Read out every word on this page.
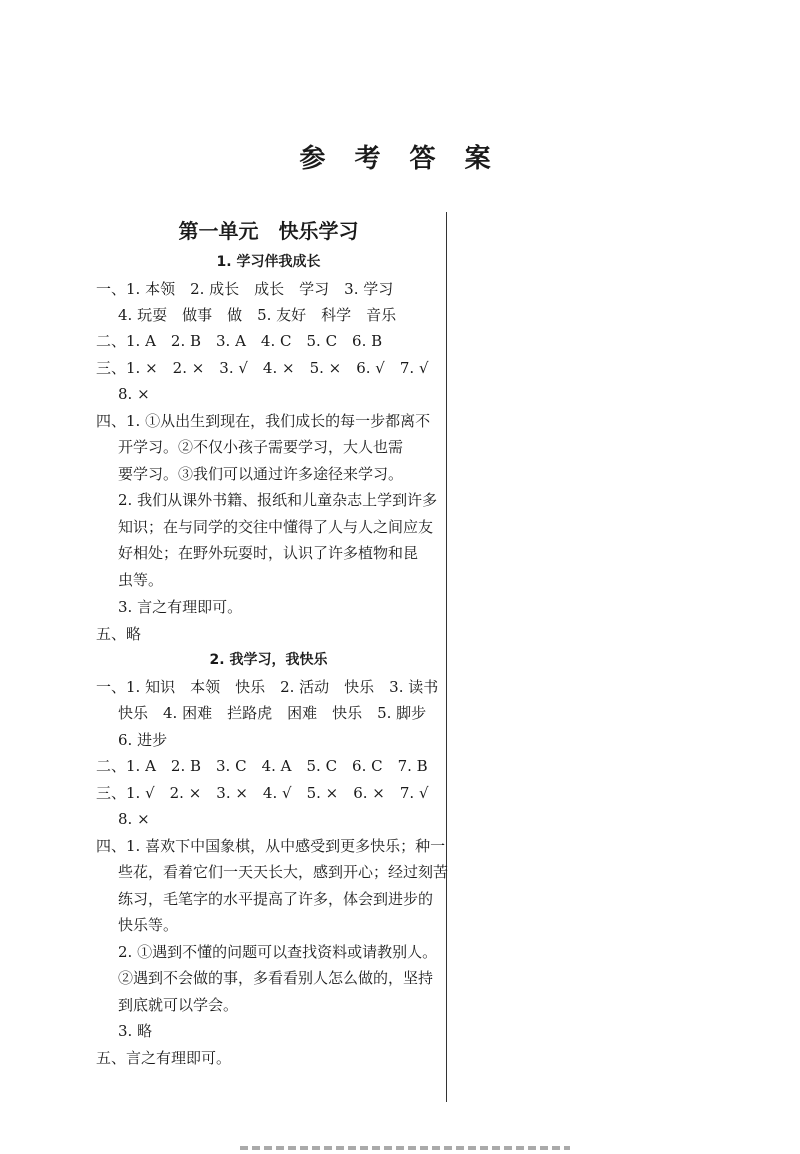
参 考 答 案
第一单元　快乐学习
1. 学习伴我成长
一、1. 本领　2. 成长　成长　学习　3. 学习
4. 玩耍　做事　做　5. 友好　科学　音乐
二、1. A　2. B　3. A　4. C　5. C　6. B
三、1. ×　2. ×　3. √　4. ×　5. ×　6. √　7. √
8. ×
四、1. ①从出生到现在，我们成长的每一步都离不
开学习。②不仅小孩子需要学习，大人也需
要学习。③我们可以通过许多途径来学习。
2. 我们从课外书籍、报纸和儿童杂志上学到许多
知识；在与同学的交往中懂得了人与人之间应友
好相处；在野外玩耍时，认识了许多植物和昆
虫等。
3. 言之有理即可。
五、略
2. 我学习，我快乐
一、1. 知识　本领　快乐　2. 活动　快乐　3. 读书
快乐　4. 困难　拦路虎　困难　快乐　5. 脚步
6. 进步
二、1. A　2. B　3. C　4. A　5. C　6. C　7. B
三、1. √　2. ×　3. ×　4. √　5. ×　6. ×　7. √
8. ×
四、1. 喜欢下中国象棋，从中感受到更多快乐；种一
些花，看着它们一天天长大，感到开心；经过刻苦
练习，毛笔字的水平提高了许多，体会到进步的
快乐等。
2. ①遇到不懂的问题可以查找资料或请教别人。
②遇到不会做的事，多看看别人怎么做的，坚持
到底就可以学会。
3. 略
五、言之有理即可。
